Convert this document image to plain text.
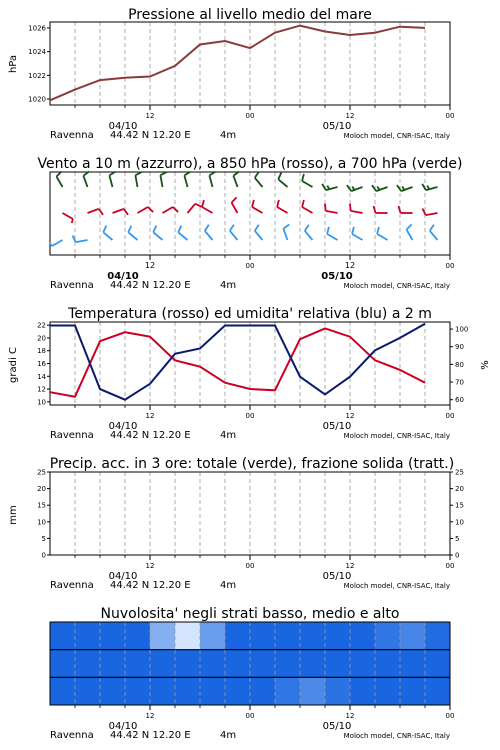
Pressione al livello medio del mare
hPa
1020
1022
1024
1026
12	00	12	00
04/10	05/10
Ravenna 44.42 N 12.20 E	4m	Moloch model, CNR-ISAC, Italy
Vento a 10 m (azzurro), a 850 hPa (rosso), a 700 hPa (verde)
12	00	12	00
04/10	05/10
Ravenna 44.42 N 12.20 E	4m	Moloch model, CNR-ISAC, Italy
Temperatura (rosso) ed umidita' relativa (blu) a 2 m
gradi C	%
10
12
14
16
18
20
22
60
70
80
90
100
12	00	12	00
04/10	05/10
Ravenna 44.42 N 12.20 E	4m	Moloch model, CNR-ISAC, Italy
Precip. acc. in 3 ore: totale (verde), frazione solida (tratt.)
mm
0
5
10
15
20
25
0
5
10
15
20
25
12	00	12	00
04/10	05/10
Ravenna 44.42 N 12.20 E	4m	Moloch model, CNR-ISAC, Italy
Nuvolosita' negli strati basso, medio e alto
12	00	12	00
04/10	05/10
Ravenna 44.42 N 12.20 E	4m	Moloch model, CNR-ISAC, Italy
